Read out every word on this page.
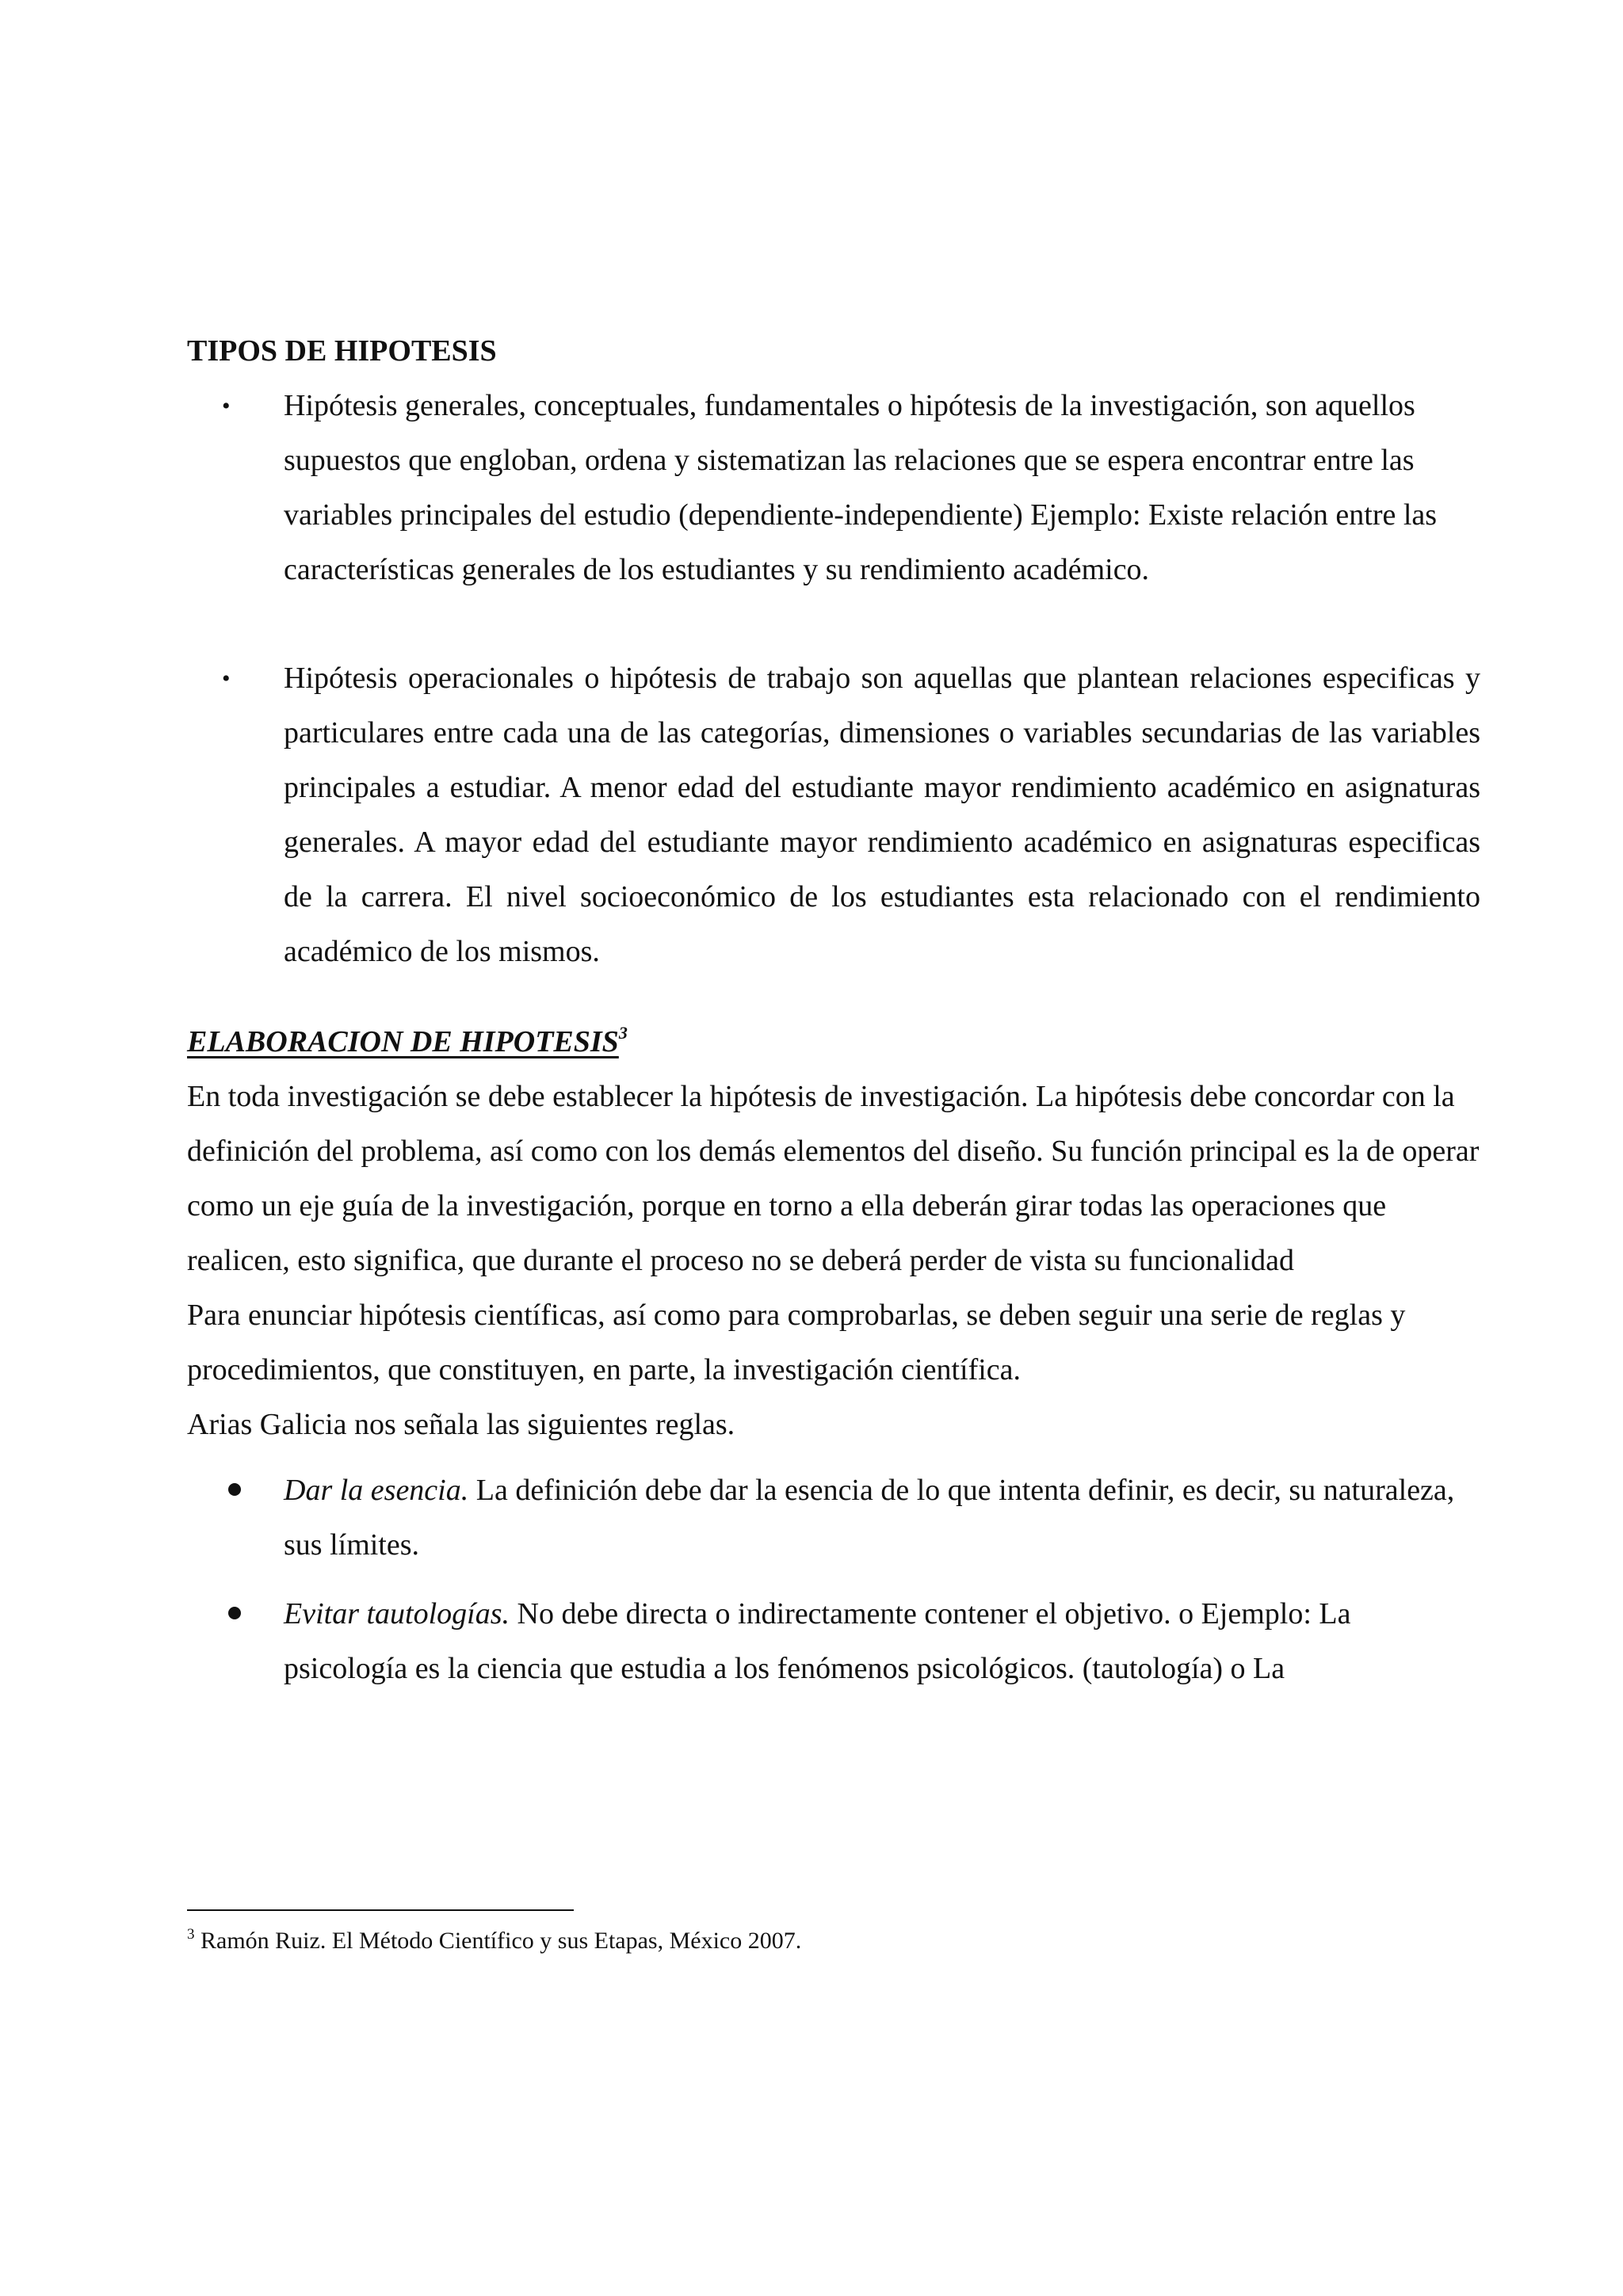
TIPOS DE HIPOTESIS
• Hipótesis generales, conceptuales, fundamentales o hipótesis de la investigación, son aquellos supuestos que engloban, ordena y sistematizan las relaciones que se espera encontrar entre las variables principales del estudio (dependiente-independiente) Ejemplo: Existe relación entre las características generales de los estudiantes y su rendimiento académico.
• Hipótesis operacionales o hipótesis de trabajo son aquellas que plantean relaciones especificas y particulares entre cada una de las categorías, dimensiones o variables secundarias de las variables principales a estudiar. A menor edad del estudiante mayor rendimiento académico en asignaturas generales. A mayor edad del estudiante mayor rendimiento académico en asignaturas especificas de la carrera. El nivel socioeconómico de los estudiantes esta relacionado con el rendimiento académico de los mismos.
ELABORACION DE HIPOTESIS$^3$

En toda investigación se debe establecer la hipótesis de investigación. La hipótesis debe concordar con la definición del problema, así como con los demás elementos del diseño. Su función principal es la de operar como un eje guía de la investigación, porque en torno a ella deberán girar todas las operaciones que realicen, esto significa, que durante el proceso no se deberá perder de vista su funcionalidad

Para enunciar hipótesis científicas, así como para comprobarlas, se deben seguir una serie de reglas y procedimientos, que constituyen, en parte, la investigación científica.

Arias Galicia nos señala las siguientes reglas.

Dar la esencia. La definición debe dar la esencia de lo que intenta definir, es decir, su naturaleza, sus límites.
Evitar tautologías. No debe directa o indirectamente contener el objetivo. o Ejemplo: La psicología es la ciencia que estudia a los fenómenos psicológicos. (tautología) o La

$^3$ Ramón Ruiz. El Método Científico y sus Etapas, México 2007.
